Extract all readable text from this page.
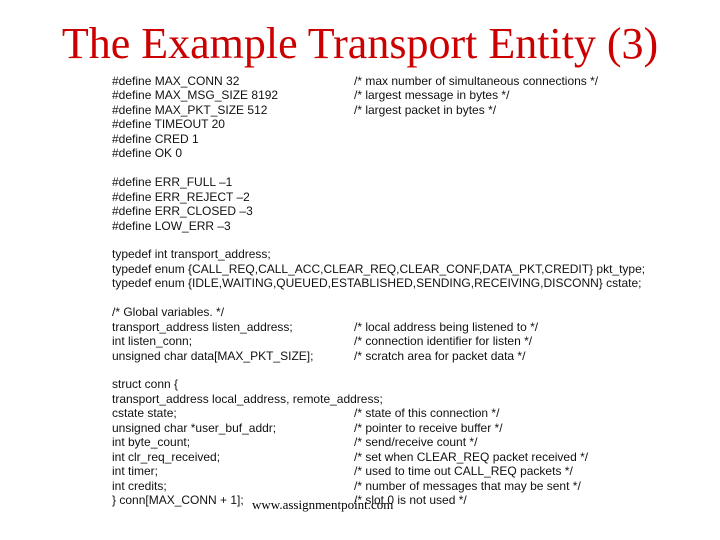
The Example Transport Entity (3)
#define MAX_CONN 32	/* max number of simultaneous connections */
#define MAX_MSG_SIZE 8192	/* largest message in bytes */
#define MAX_PKT_SIZE 512	/* largest packet in bytes */
#define TIMEOUT 20
#define CRED 1
#define OK 0
#define ERR_FULL –1
#define ERR_REJECT –2
#define ERR_CLOSED –3
#define LOW_ERR –3
typedef int transport_address;
typedef enum {CALL_REQ,CALL_ACC,CLEAR_REQ,CLEAR_CONF,DATA_PKT,CREDIT} pkt_type;
typedef enum {IDLE,WAITING,QUEUED,ESTABLISHED,SENDING,RECEIVING,DISCONN} cstate;
/* Global variables. */
transport_address listen_address;	/* local address being listened to */
int listen_conn;	/* connection identifier for listen */
unsigned char data[MAX_PKT_SIZE];	/* scratch area for packet data */
struct conn {
transport_address local_address, remote_address;
cstate state;	/* state of this connection */
unsigned char *user_buf_addr;	/* pointer to receive buffer */
int byte_count;	/* send/receive count */
int clr_req_received;	/* set when CLEAR_REQ packet received */
int timer;	/* used to time out CALL_REQ packets */
int credits;	/* number of messages that may be sent */
} conn[MAX_CONN + 1];	/* slot 0 is not used */
www.assignmentpoint.com
